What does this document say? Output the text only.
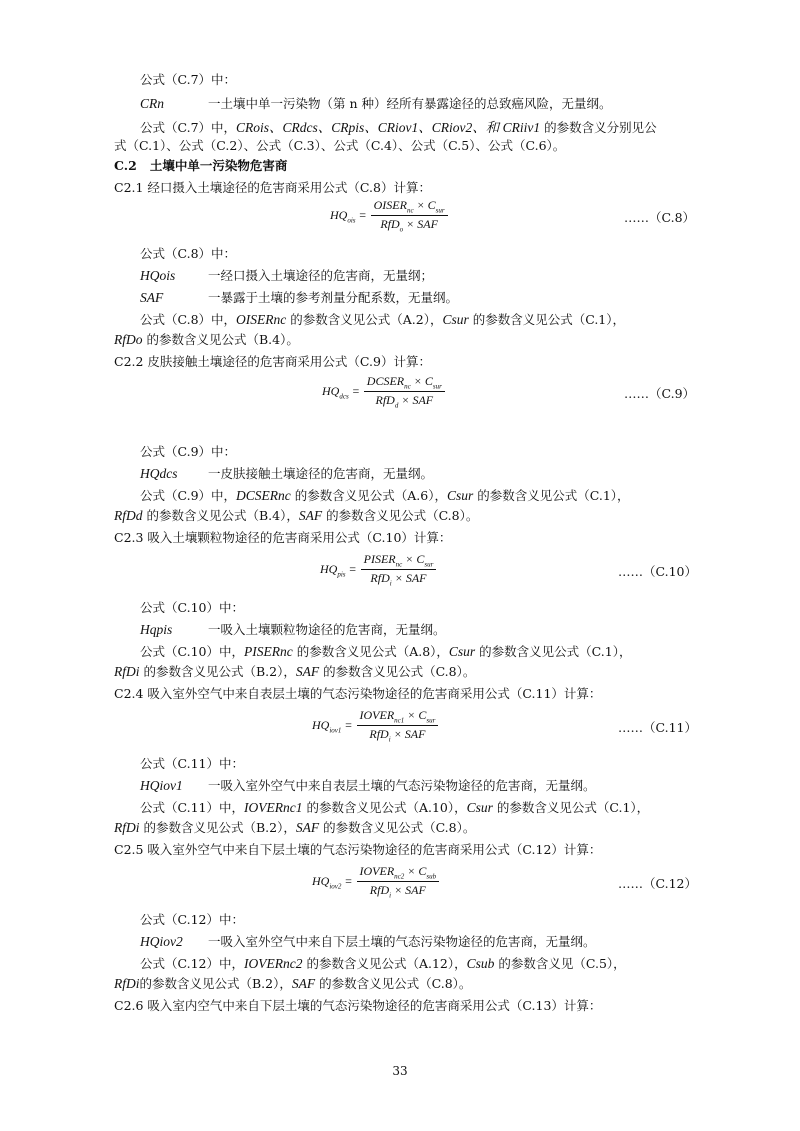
公式（C.7）中：
CRn	一土壤中单一污染物（第 n 种）经所有暴露途径的总致癌风险，无量纲。
公式（C.7）中，CRois、CRdcs、CRpis、CRiov1、CRiov2、和 CRiiv1 的参数含义分别见公
式（C.1）、公式（C.2）、公式（C.3）、公式（C.4）、公式（C.5）、公式（C.6）。
C.2 土壤中单一污染物危害商
C2.1 经口摄入土壤途径的危害商采用公式（C.8）计算：
$HQ_{ois} = \frac{OISER_{nc} \times C_{sur}}{RfD_o \times SAF}$	……（C.8）
公式（C.8）中：
HQois	一经口摄入土壤途径的危害商，无量纲；
SAF	一暴露于土壤的参考剂量分配系数，无量纲。
公式（C.8）中，OISERnc 的参数含义见公式（A.2），Csur 的参数含义见公式（C.1），
RfDo 的参数含义见公式（B.4）。
C2.2 皮肤接触土壤途径的危害商采用公式（C.9）计算：
$HQ_{dcs} = \frac{DCSER_{nc} \times C_{sur}}{RfD_d \times SAF}$	……（C.9）
公式（C.9）中：
HQdcs 一皮肤接触土壤途径的危害商，无量纲。
公式（C.9）中，DCSERnc 的参数含义见公式（A.6），Csur 的参数含义见公式（C.1），
RfDd 的参数含义见公式（B.4），SAF 的参数含义见公式（C.8）。
C2.3 吸入土壤颗粒物途径的危害商采用公式（C.10）计算：
$HQ_{pis} = \frac{PISER_{nc} \times C_{sur}}{RfD_i \times SAF}$	……（C.10）
公式（C.10）中：
Hqpis	一吸入土壤颗粒物途径的危害商，无量纲。
公式（C.10）中，PISERnc 的参数含义见公式（A.8），Csur 的参数含义见公式（C.1），
RfDi 的参数含义见公式（B.2），SAF 的参数含义见公式（C.8）。
C2.4 吸入室外空气中来自表层土壤的气态污染物途径的危害商采用公式（C.11）计算：
$HQ_{iov1} = \frac{IOVER_{nc1} \times C_{sur}}{RfD_i \times SAF}$	……（C.11）
公式（C.11）中：
HQiov1 一吸入室外空气中来自表层土壤的气态污染物途径的危害商，无量纲。
公式（C.11）中，IOVERnc1 的参数含义见公式（A.10），Csur 的参数含义见公式（C.1），
RfDi 的参数含义见公式（B.2），SAF 的参数含义见公式（C.8）。
C2.5 吸入室外空气中来自下层土壤的气态污染物途径的危害商采用公式（C.12）计算：
$HQ_{iov2} = \frac{IOVER_{nc2} \times C_{sub}}{RfD_i \times SAF}$	……（C.12）
公式（C.12）中：
HQiov2 一吸入室外空气中来自下层土壤的气态污染物途径的危害商，无量纲。
公式（C.12）中，IOVERnc2 的参数含义见公式（A.12），Csub 的参数含义见（C.5），
RfDi的参数含义见公式（B.2），SAF 的参数含义见公式（C.8）。
C2.6 吸入室内空气中来自下层土壤的气态污染物途径的危害商采用公式（C.13）计算：
33
